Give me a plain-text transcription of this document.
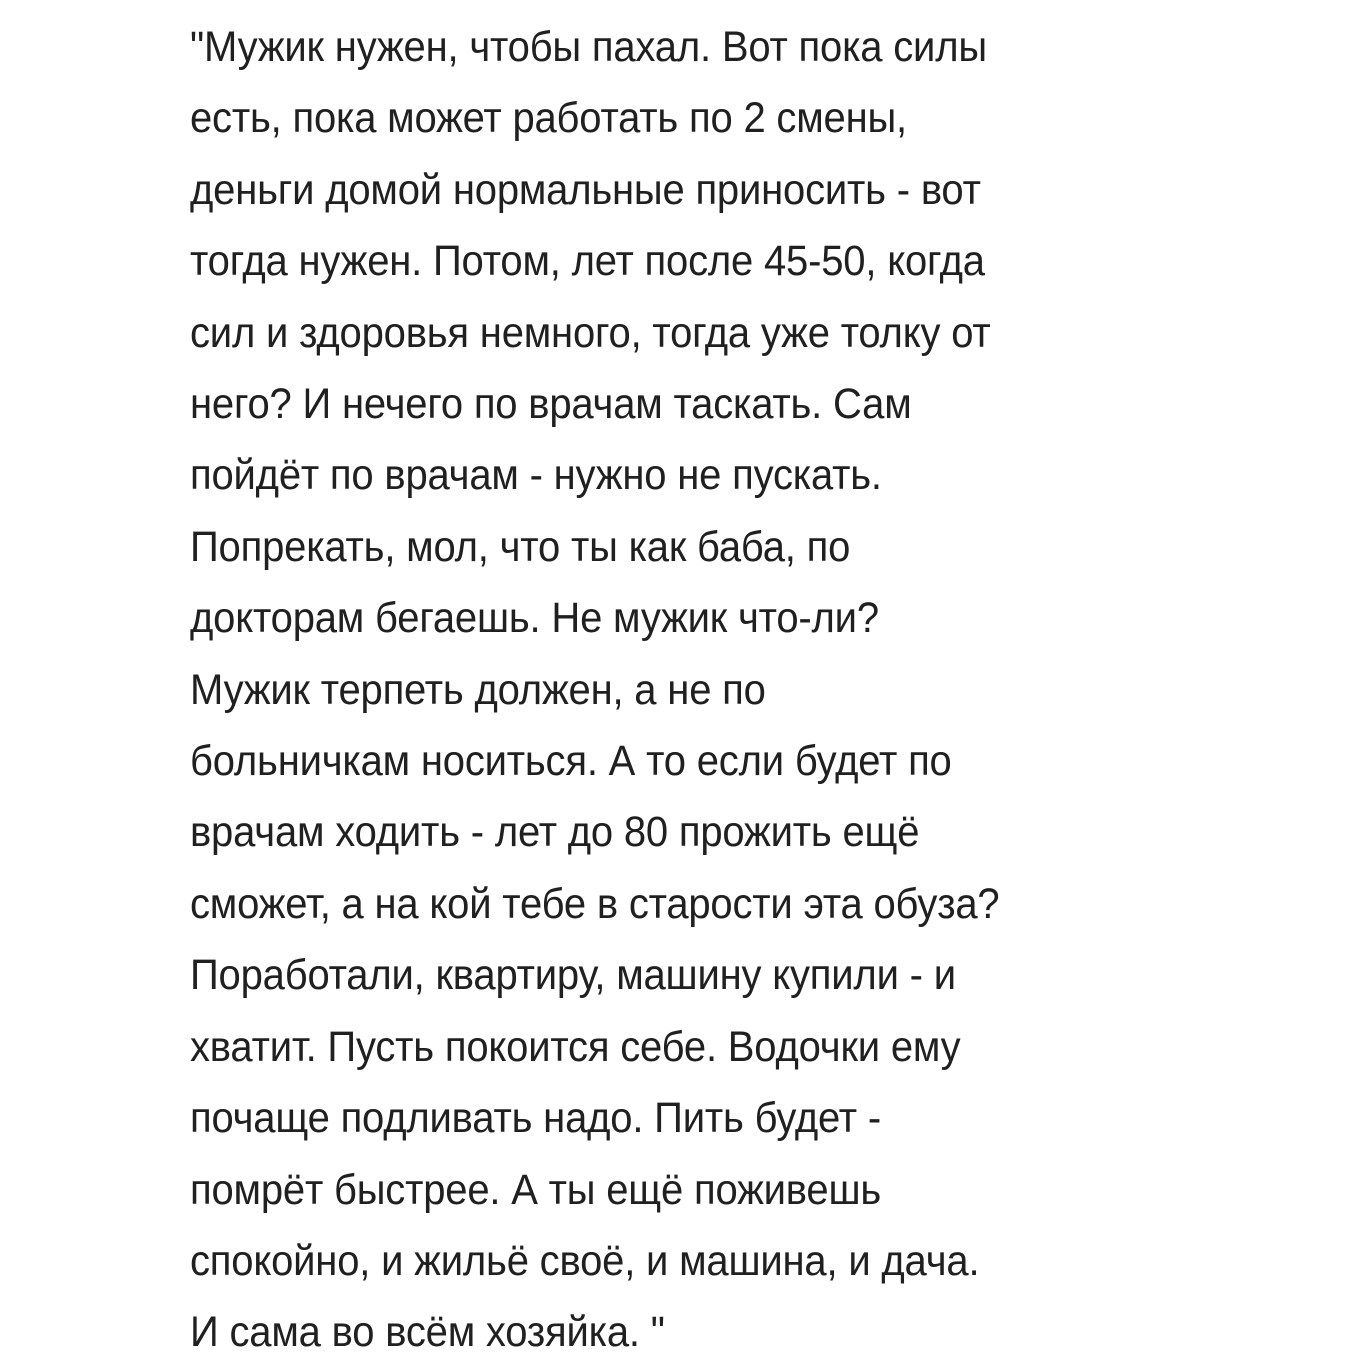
"Мужик нужен, чтобы пахал. Вот пока силы
есть, пока может работать по 2 смены,
деньги домой нормальные приносить - вот
тогда нужен. Потом, лет после 45-50, когда
сил и здоровья немного, тогда уже толку от
него? И нечего по врачам таскать. Сам
пойдёт по врачам - нужно не пускать.
Попрекать, мол, что ты как баба, по
докторам бегаешь. Не мужик что-ли?
Мужик терпеть должен, а не по
больничкам носиться. А то если будет по
врачам ходить - лет до 80 прожить ещё
сможет, а на кой тебе в старости эта обуза?
Поработали, квартиру, машину купили - и
хватит. Пусть покоится себе. Водочки ему
почаще подливать надо. Пить будет -
помрёт быстрее. А ты ещё поживешь
спокойно, и жильё своё, и машина, и дача.
И сама во всём хозяйка. "
